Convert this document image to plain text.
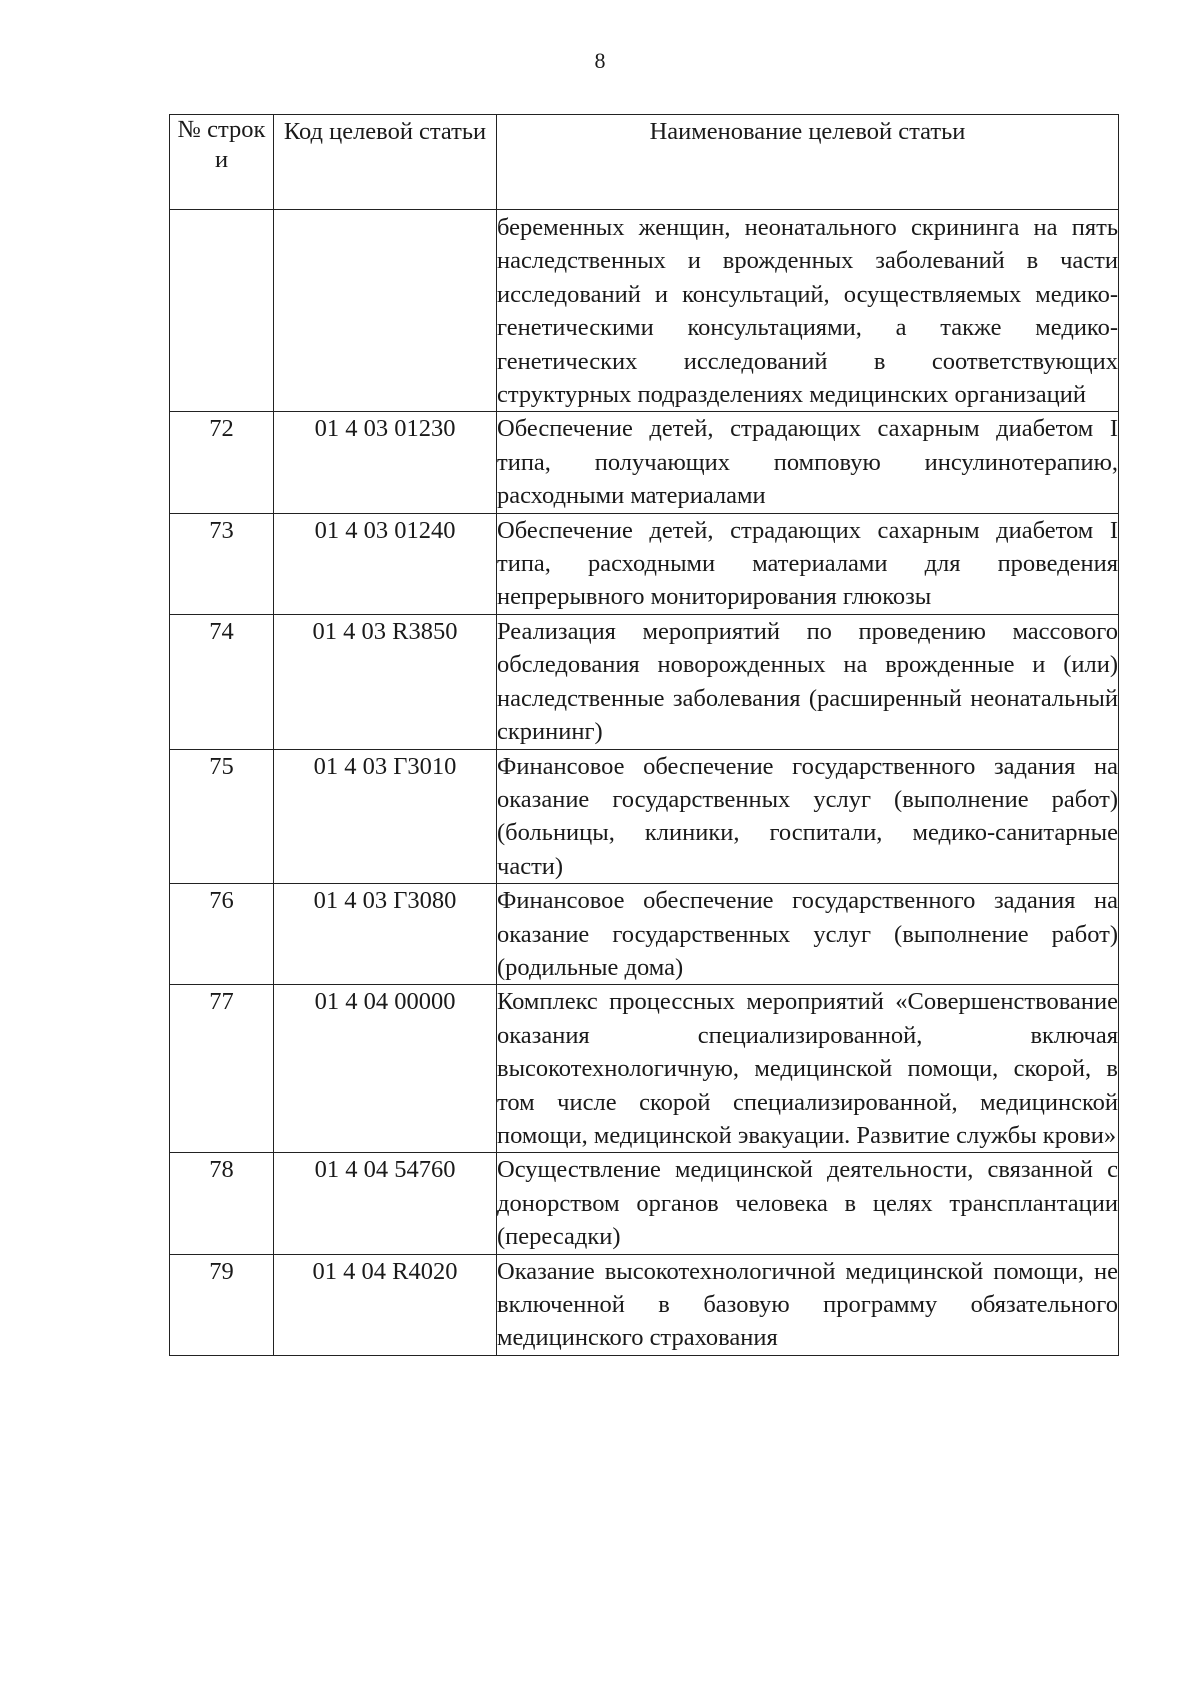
8
№ строк и	Код целевой статьи	Наименование целевой статьи
		беременных женщин, неонатального скрининга на пять наследственных и врожденных заболеваний в части исследований и консультаций, осуществляемых медико-генетическими консультациями, а также медико-генетических исследований в соответствующих структурных подразделениях медицинских организаций
72	01 4 03 01230	Обеспечение детей, страдающих сахарным диабетом I типа, получающих помповую инсулинотерапию, расходными материалами
73	01 4 03 01240	Обеспечение детей, страдающих сахарным диабетом I типа, расходными материалами для проведения непрерывного мониторирования глюкозы
74	01 4 03 R3850	Реализация мероприятий по проведению массового обследования новорожденных на врожденные и (или) наследственные заболевания (расширенный неонатальный скрининг)
75	01 4 03 Г3010	Финансовое обеспечение государственного задания на оказание государственных услуг (выполнение работ) (больницы, клиники, госпитали, медико-санитарные части)
76	01 4 03 Г3080	Финансовое обеспечение государственного задания на оказание государственных услуг (выполнение работ) (родильные дома)
77	01 4 04 00000	Комплекс процессных мероприятий «Совершенствование оказания специализированной, включая высокотехнологичную, медицинской помощи, скорой, в том числе скорой специализированной, медицинской помощи, медицинской эвакуации. Развитие службы крови»
78	01 4 04 54760	Осуществление медицинской деятельности, связанной с донорством органов человека в целях трансплантации (пересадки)
79	01 4 04 R4020	Оказание высокотехнологичной медицинской помощи, не включенной в базовую программу обязательного медицинского страхования
